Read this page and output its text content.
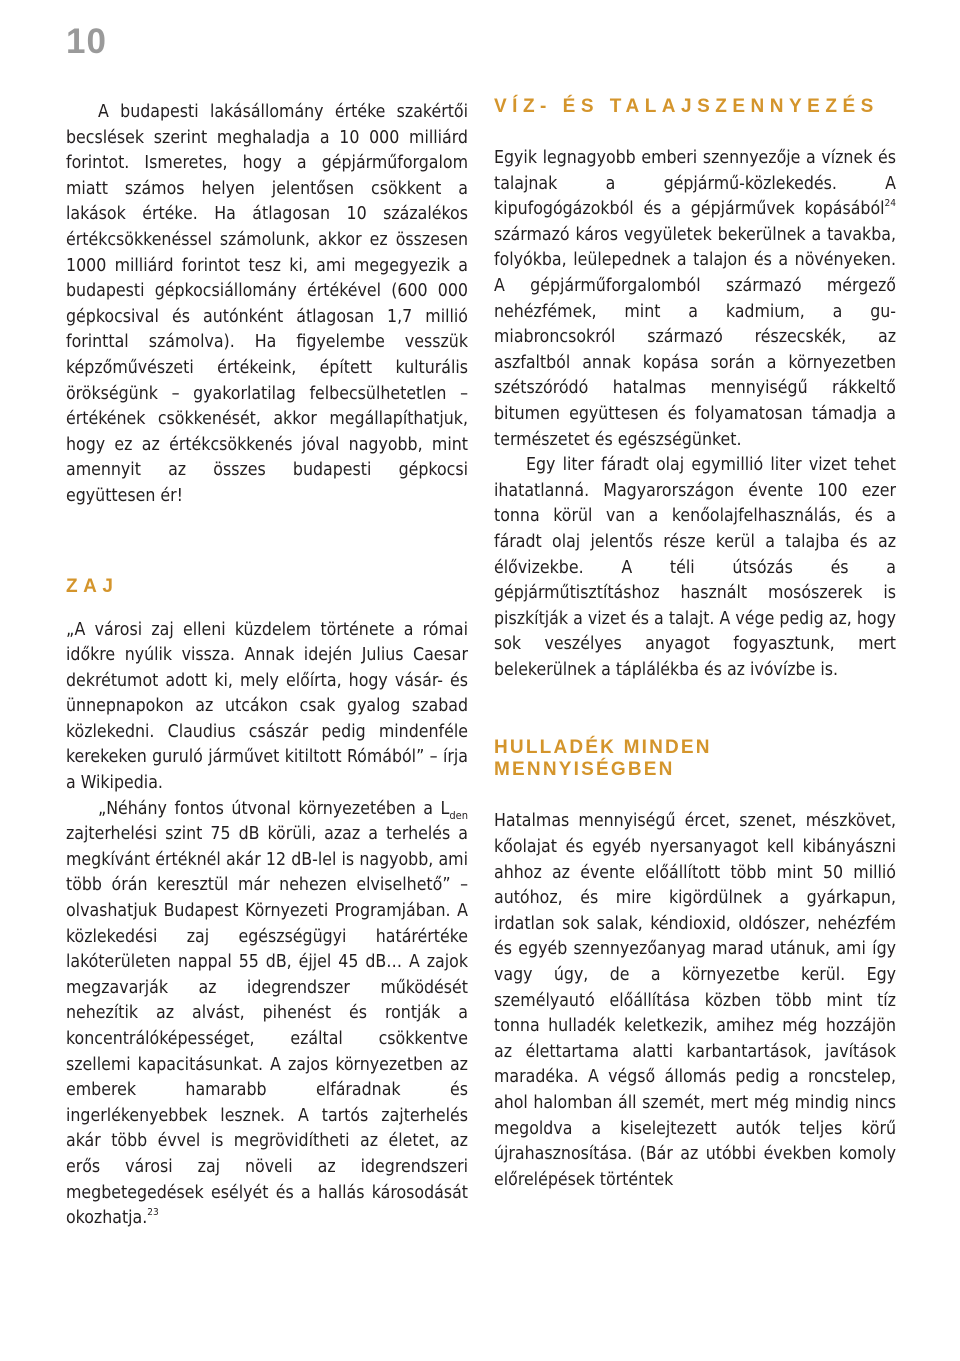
10

A budapesti lakásállomány értéke szakértői becslések szerint meghaladja a 10 000 milliárd forintot. Ismeretes, hogy a gépjárműforgalom miatt számos helyen jelentősen csökkent a lakások értéke. Ha átlagosan 10 százalékos értékcsökkenéssel számolunk, akkor ez összesen 1000 milliárd forintot tesz ki, ami megegyezik a budapesti gépkocsiállomány értékével (600 000 gépkocsival és autónként átlagosan 1,7 millió forinttal számolva). Ha figyelembe vesszük képzőművészeti értékeink, épített kulturális örökségünk – gyakorlatilag felbecsülhetetlen – értékének csökkenését, akkor megállapíthatjuk, hogy ez az értékcsökkenés jóval nagyobb, mint amennyit az összes budapesti gépkocsi együttesen ér!

ZAJ

„A városi zaj elleni küzdelem története a római időkre nyúlik vissza. Annak idején Julius Caesar dekrétumot adott ki, mely előírta, hogy vásár- és ünnepnapokon az utcákon csak gyalog szabad közlekedni. Claudius császár pedig mindenféle kerekeken guruló járművet kitiltott Rómából” – írja a Wikipedia.

„Néhány fontos útvonal környezetében a $L_{den}$ zajterhelési szint 75 dB körüli, azaz a terhelés a megkívánt értéknél akár 12 dB-lel is nagyobb, ami több órán keresztül már nehezen elviselhető” – olvashatjuk Budapest Környezeti Programjában. A közlekedési zaj egészségügyi határértéke lakóterületen nappal 55 dB, éjjel 45 dB… A zajok megzavarják az idegrendszer működését nehezítik az alvást, pihenést és rontják a koncentrálóképességet, ezáltal csökkentve szellemi kapacitásunkat. A zajos környezetben az emberek hamarabb elfáradnak és ingerlékenyebbek lesznek. A tartós zajterhelés akár több évvel is megrövidítheti az életet, az erős városi zaj növeli az idegrendszeri megbetegedések esélyét és a hallás károsodását okozhatja.$^{23}$

VÍZ- ÉS TALAJSZENNYEZÉS

Egyik legnagyobb emberi szennyezője a víznek és talajnak a gépjármű-közlekedés. A kipufogógázokból és a gépjárművek kopásából$^{24}$ származó káros vegyületek bekerülnek a tavakba, folyókba, leülepednek a talajon és a növényeken. A gépjárműforgalomból származó mérgező nehézfémek, mint a kadmium, a gumiabroncsokról származó részecskék, az aszfaltból annak kopása során a környezetben szétszóródó hatalmas mennyiségű rákkeltő bitumen együttesen és folyamatosan támadja a természetet és egészségünket.

Egy liter fáradt olaj egymillió liter vizet tehet ihatatlanná. Magyarországon évente 100 ezer tonna körül van a kenőolajfelhasználás, és a fáradt olaj jelentős része kerül a talajba és az élővizekbe. A téli útsózás és a gépjárműtisztításhoz használt mosószerek is piszkítják a vizet és a talajt. A vége pedig az, hogy sok veszélyes anyagot fogyasztunk, mert belekerülnek a táplálékba és az ivóvízbe is.

HULLADÉK MINDEN MENNYISÉGBEN

Hatalmas mennyiségű ércet, szenet, mészkövet, kőolajat és egyéb nyersanyagot kell kibányászni ahhoz az évente előállított több mint 50 millió autóhoz, és mire kigördülnek a gyárkapun, irdatlan sok salak, kéndioxid, oldószer, nehézfém és egyéb szennyezőanyag marad utánuk, ami így vagy úgy, de a környezetbe kerül. Egy személyautó előállítása közben több mint tíz tonna hulladék keletkezik, amihez még hozzájön az élettartama alatti karbantartások, javítások maradéka. A végső állomás pedig a roncstelep, ahol halomban áll szemét, mert még mindig nincs megoldva a kiselejtezett autók teljes körű újrahasznosítása. (Bár az utóbbi években komoly előrelépések történtek
